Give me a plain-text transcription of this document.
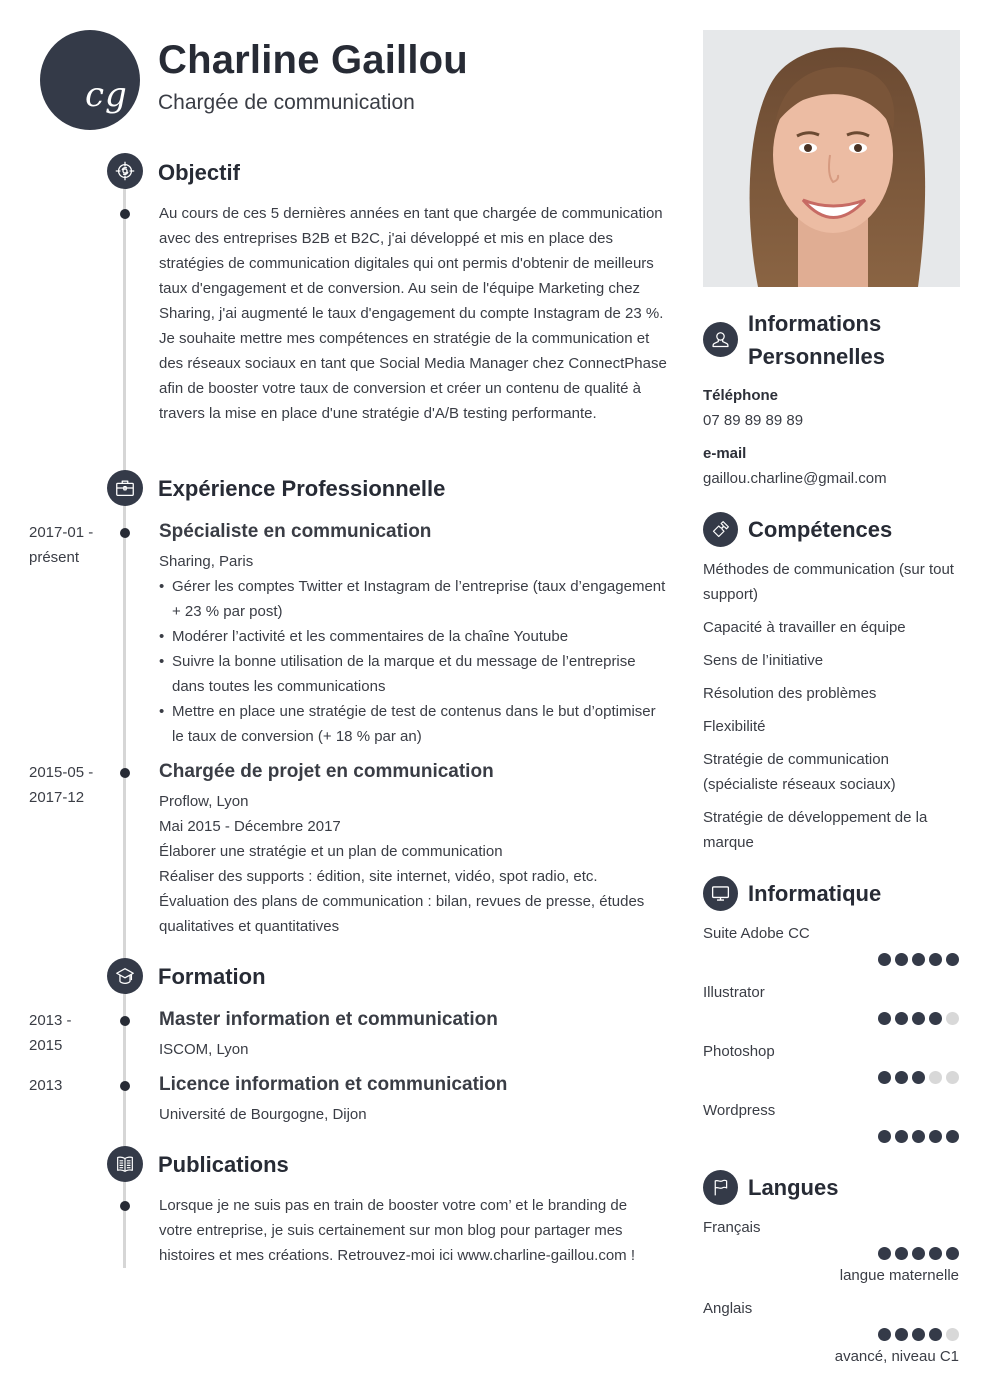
cg
Charline Gaillou
Chargée de communication
Objectif
Au cours de ces 5 dernières années en tant que chargée de communication avec des entreprises B2B et B2C, j'ai développé et mis en place des stratégies de communication digitales qui ont permis d'obtenir de meilleurs taux d'engagement et de conversion. Au sein de l'équipe Marketing chez Sharing, j'ai augmenté le taux d'engagement du compte Instagram de 23 %. Je souhaite mettre mes compétences en stratégie de la communication et des réseaux sociaux en tant que Social Media Manager chez ConnectPhase afin de booster votre taux de conversion et créer un contenu de qualité à travers la mise en place d'une stratégie d'A/B testing performante.
Expérience Professionnelle
2017-01 -
présent
Spécialiste en communication
Sharing, Paris
• Gérer les comptes Twitter et Instagram de l’entreprise (taux d’engagement + 23 % par post)
• Modérer l’activité et les commentaires de la chaîne Youtube
• Suivre la bonne utilisation de la marque et du message de l’entreprise dans toutes les communications
• Mettre en place une stratégie de test de contenus dans le but d’optimiser le taux de conversion (+ 18 % par an)
2015-05 -
2017-12
Chargée de projet en communication
Proflow, Lyon
Mai 2015 - Décembre 2017
Élaborer une stratégie et un plan de communication
Réaliser des supports : édition, site internet, vidéo, spot radio, etc.
Évaluation des plans de communication : bilan, revues de presse, études qualitatives et quantitatives
Formation
2013 -
2015
Master information et communication
ISCOM, Lyon
2013	Licence information et communication
Université de Bourgogne, Dijon
Publications
Lorsque je ne suis pas en train de booster votre com’ et le branding de votre entreprise, je suis certainement sur mon blog pour partager mes histoires et mes créations. Retrouvez-moi ici www.charline-gaillou.com !
Informations
Personnelles
Téléphone
07 89 89 89 89
e-mail
gaillou.charline@gmail.com
Compétences
Méthodes de communication (sur tout support)
Capacité à travailler en équipe
Sens de l’initiative
Résolution des problèmes
Flexibilité
Stratégie de communication (spécialiste réseaux sociaux)
Stratégie de développement de la marque
Informatique
Suite Adobe CC
Illustrator
Photoshop
Wordpress
Langues
Français
langue maternelle
Anglais
avancé, niveau C1
